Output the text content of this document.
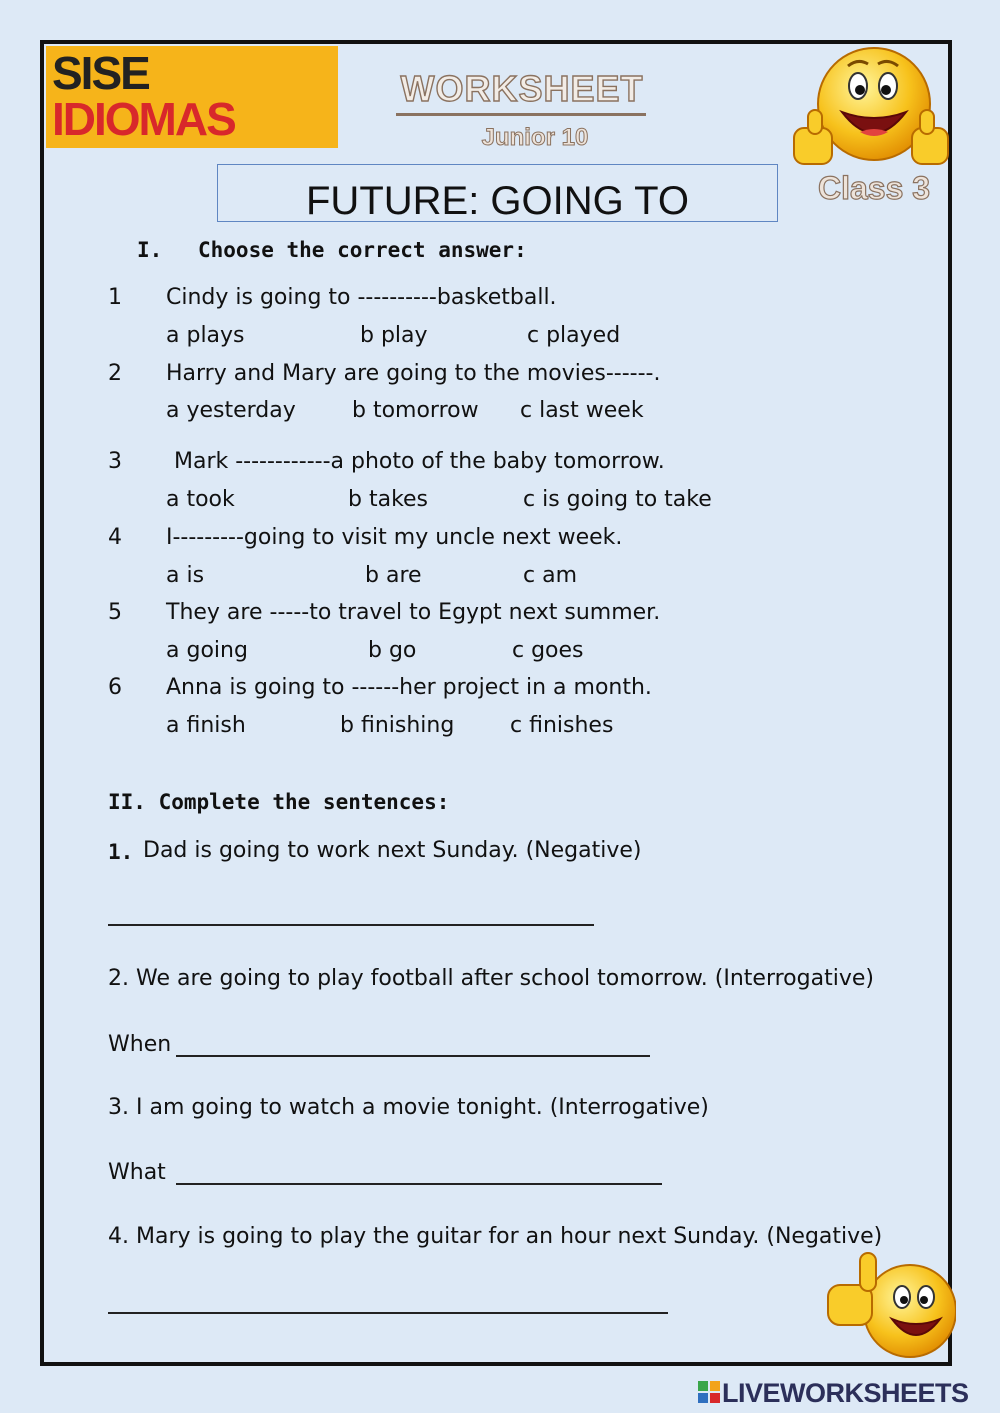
SISE
IDIOMAS
WORKSHEET
Junior 10
Class 3
FUTURE: GOING TO
I. Choose the correct answer:
1 Cindy is going to ----------basketball.
a plays	b play	c played
2 Harry and Mary are going to the movies------.
a yesterday	b tomorrow c last week
3 Mark ------------a photo of the baby tomorrow.
a took	b takes	c is going to take
4 I---------going to visit my uncle next week.
a is	b are	c am
5 They are -----to travel to Egypt next summer.
a going	b go	c goes
6 Anna is going to ------her project in a month.
a finish	b finishing	c finishes
II. Complete the sentences:
1. Dad is going to work next Sunday. (Negative)
2. We are going to play football after school tomorrow. (Interrogative)
When
3. I am going to watch a movie tonight. (Interrogative)
What
4. Mary is going to play the guitar for an hour next Sunday. (Negative)
LIVEWORKSHEETS
